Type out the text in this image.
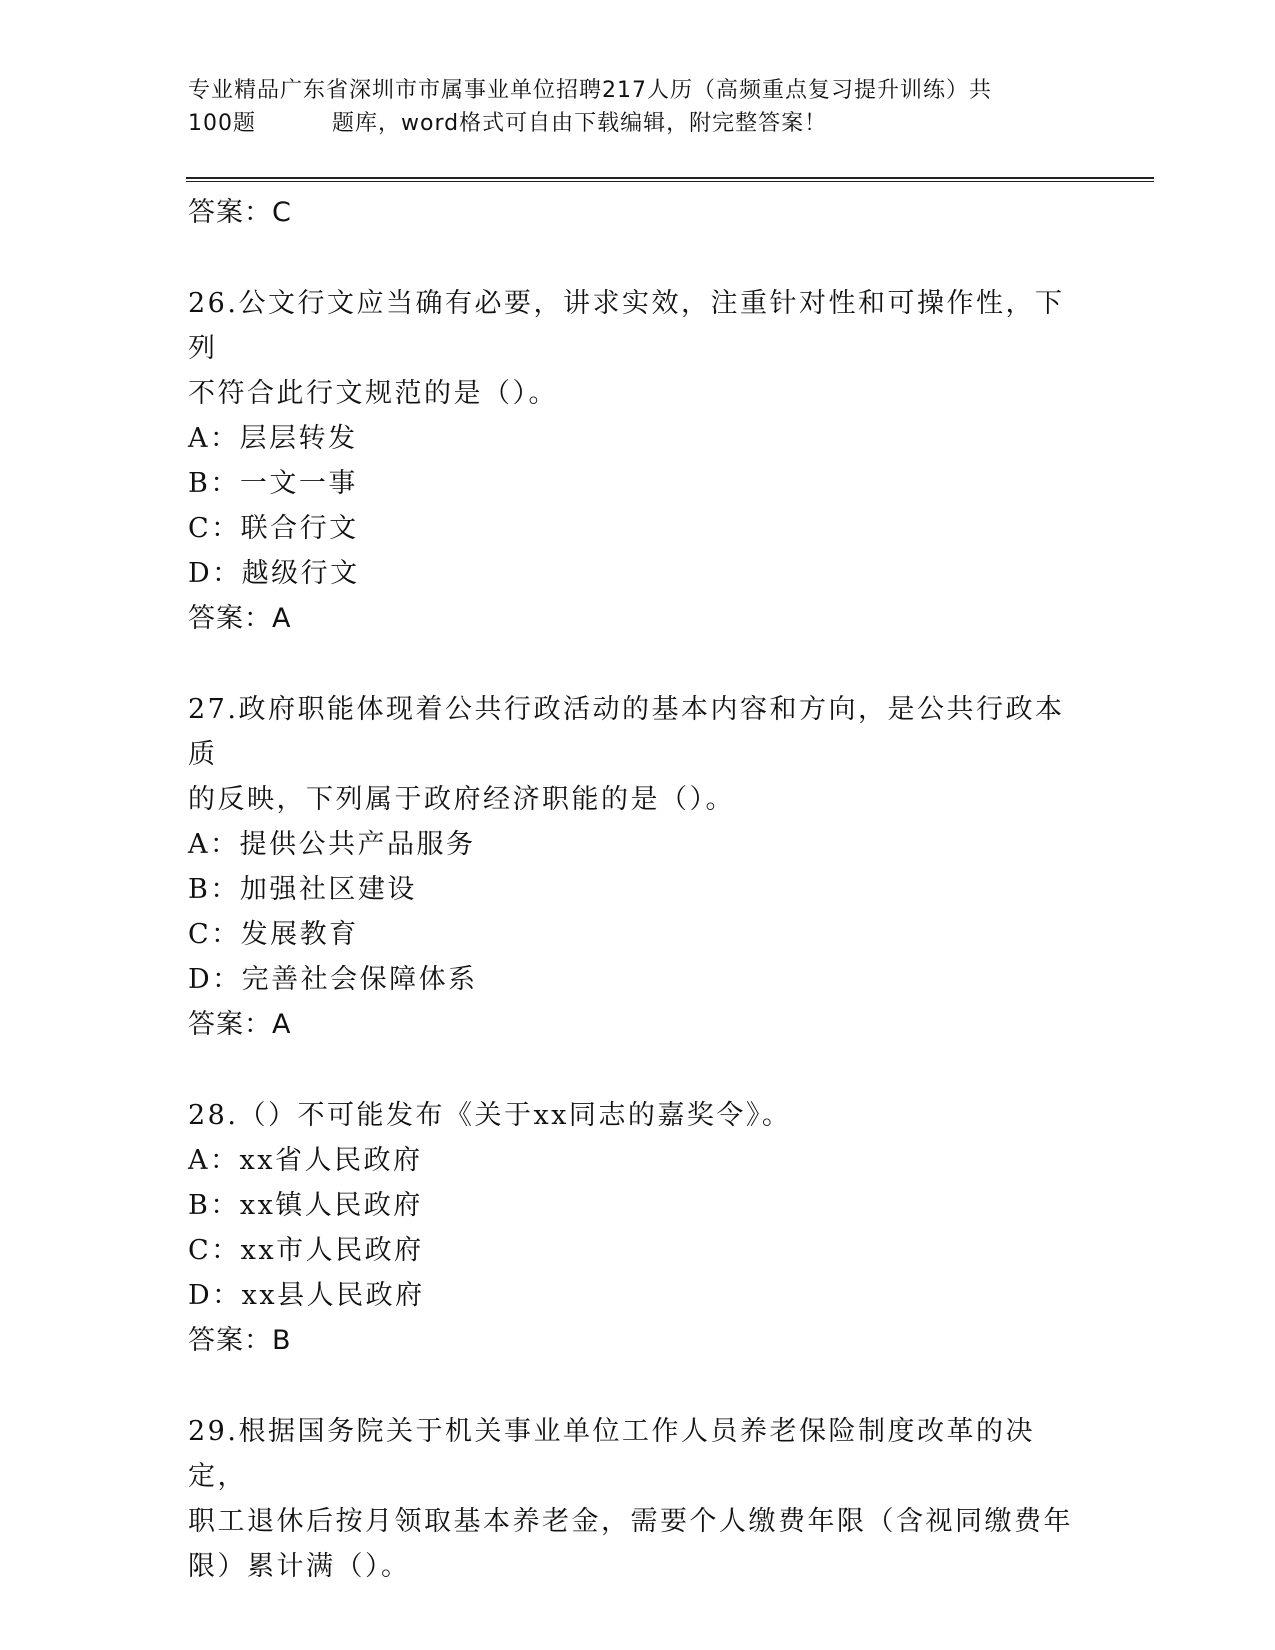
专业精品广东省深圳市市属事业单位招聘217人历（高频重点复习提升训练）共
100题	题库，word格式可自由下载编辑，附完整答案！
答案：C
26.公文行文应当确有必要，讲求实效，注重针对性和可操作性，下列
不符合此行文规范的是（）。
A：层层转发
B：一文一事
C：联合行文
D：越级行文
答案：A
27.政府职能体现着公共行政活动的基本内容和方向，是公共行政本质
的反映，下列属于政府经济职能的是（）。
A：提供公共产品服务
B：加强社区建设
C：发展教育
D：完善社会保障体系
答案：A
28.（）不可能发布《关于xx同志的嘉奖令》。
A：xx省人民政府
B：xx镇人民政府
C：xx市人民政府
D：xx县人民政府
答案：B
29.根据国务院关于机关事业单位工作人员养老保险制度改革的决定，
职工退休后按月领取基本养老金，需要个人缴费年限（含视同缴费年
限）累计满（）。
